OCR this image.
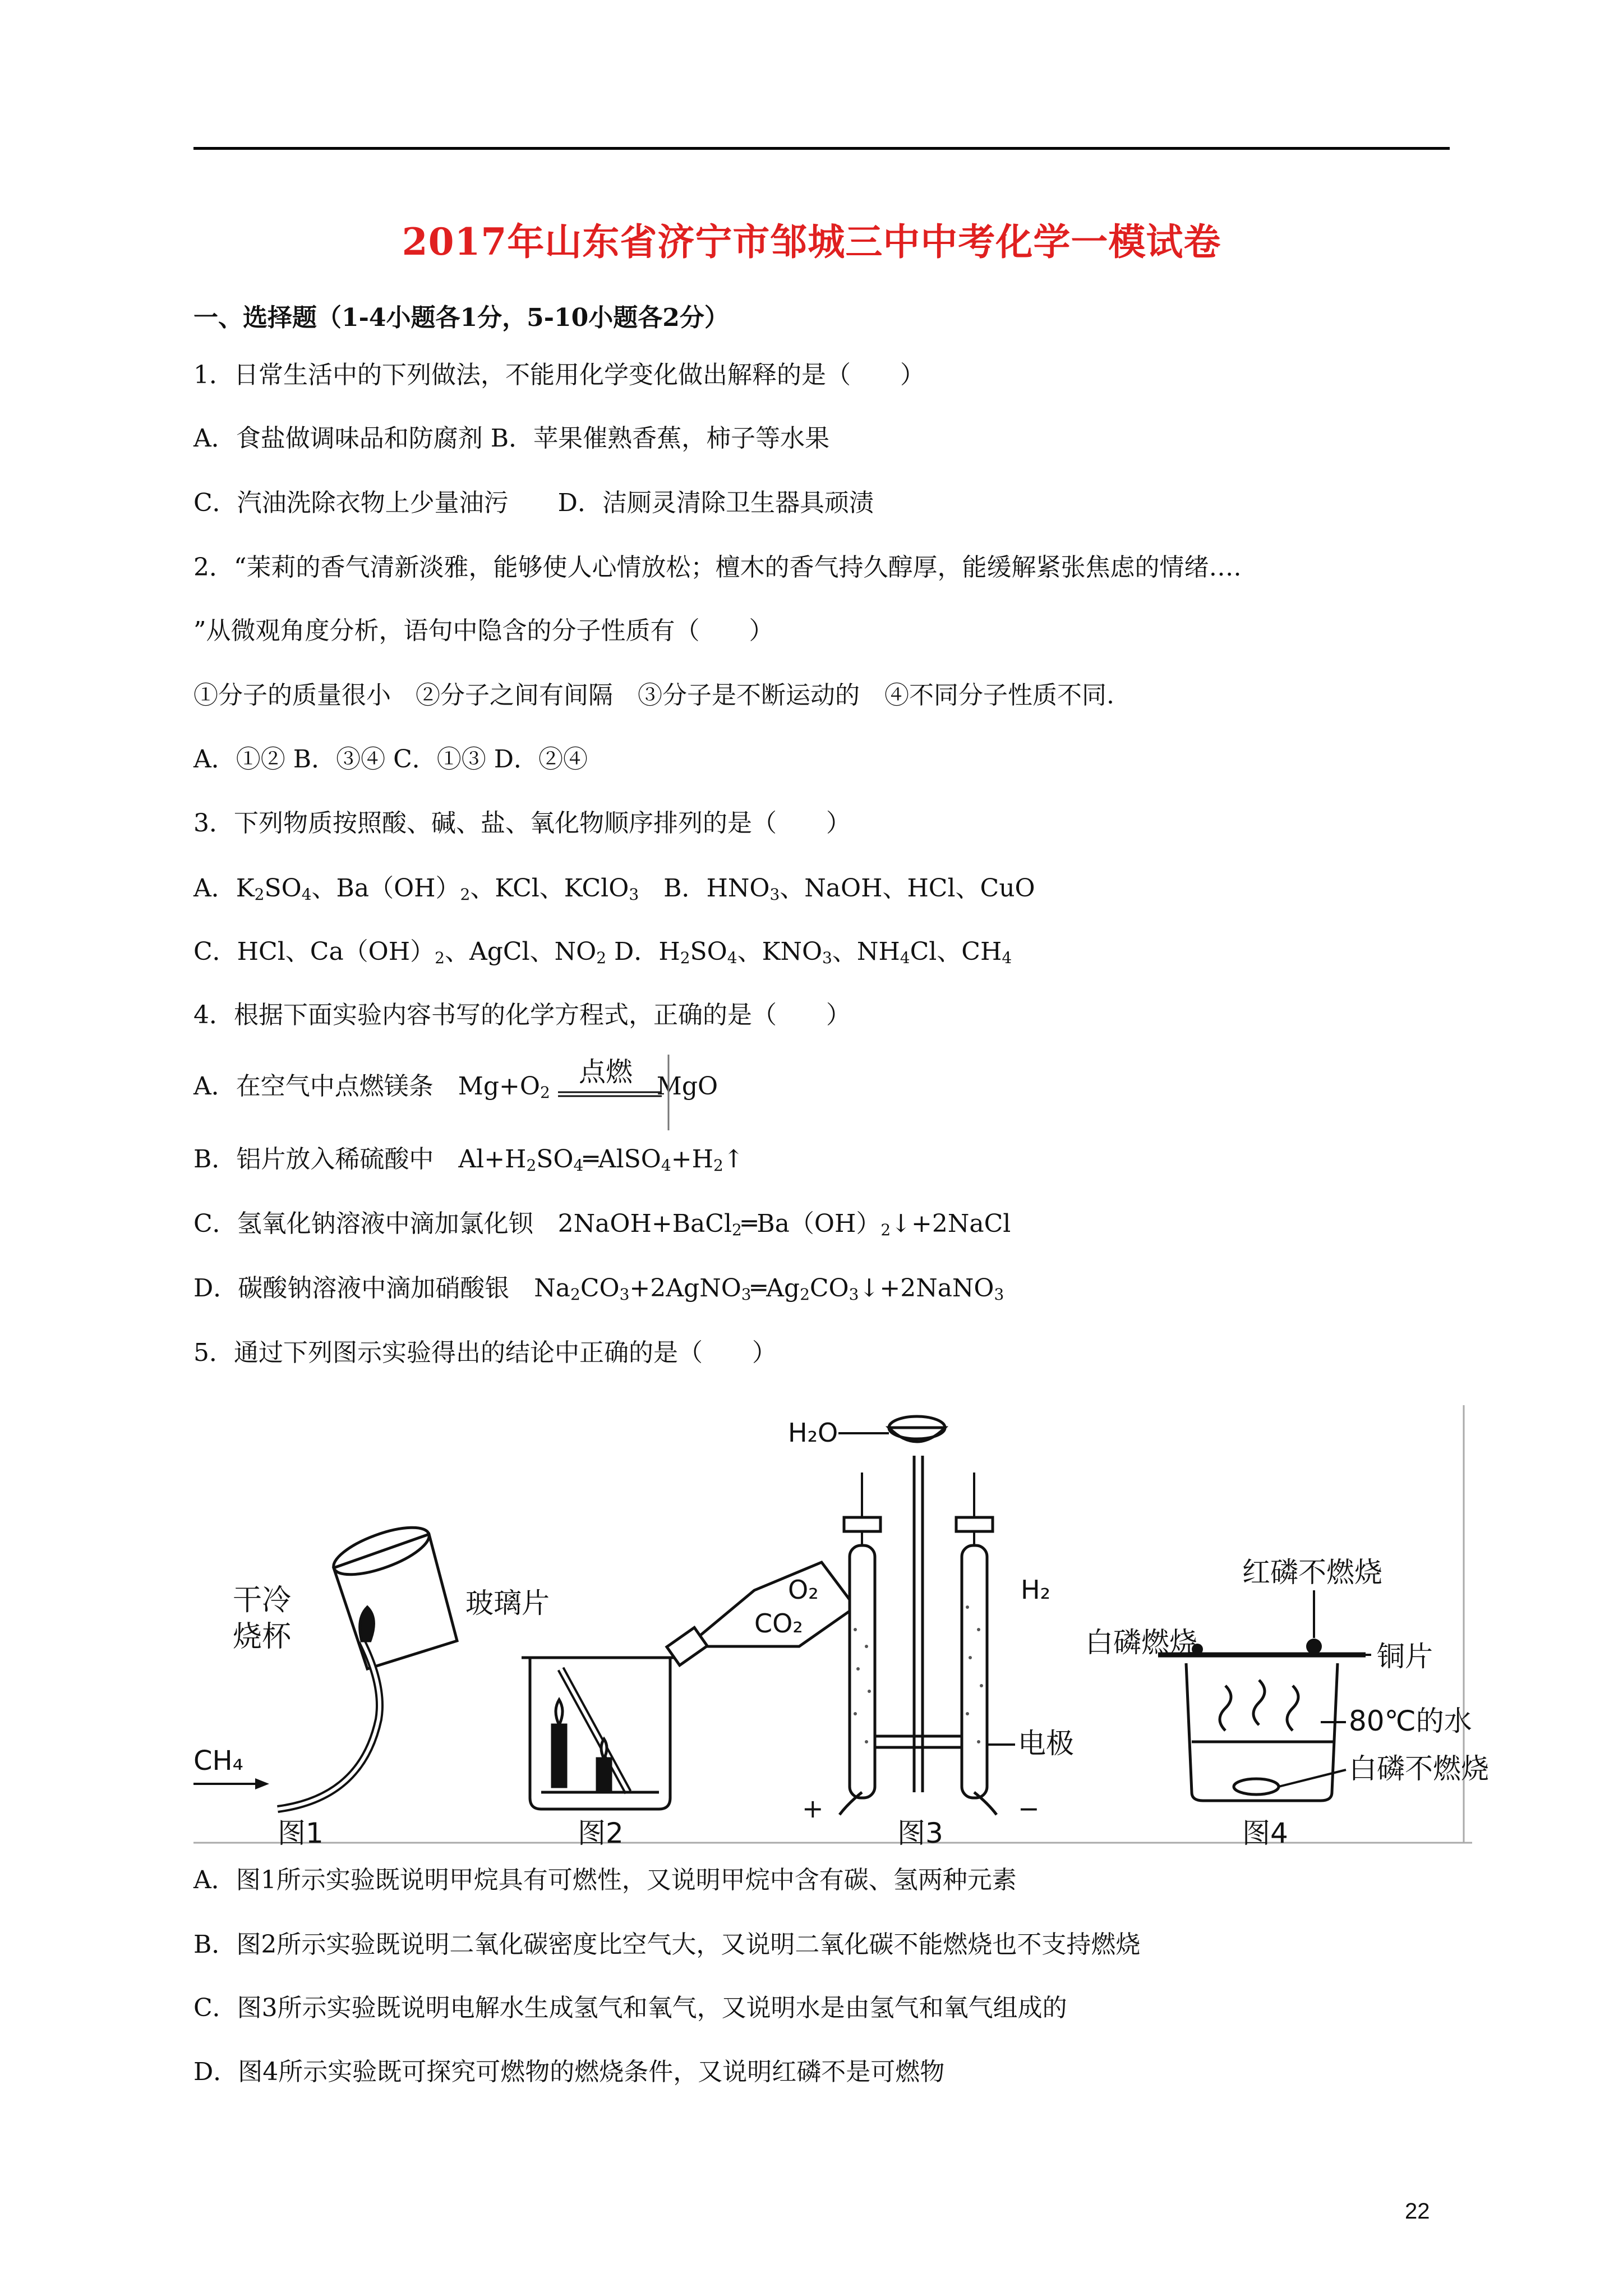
2017年山东省济宁市邹城三中中考化学一模试卷
一、选择题（1-4小题各1分，5-10小题各2分）
1．日常生活中的下列做法，不能用化学变化做出解释的是（　　）
A．食盐做调味品和防腐剂 B．苹果催熟香蕉，柿子等水果
C．汽油洗除衣物上少量油污　　D．洁厕灵清除卫生器具顽渍
2．“茉莉的香气清新淡雅，能够使人心情放松；檀木的香气持久醇厚，能缓解紧张焦虑的情绪….
”从微观角度分析，语句中隐含的分子性质有（　　）
①分子的质量很小　②分子之间有间隔　③分子是不断运动的　④不同分子性质不同.
A．①② B．③④ C．①③ D．②④
3．下列物质按照酸、碱、盐、氧化物顺序排列的是（　　）
A．$K_2SO_4$、$Ba(OH)_2$、KCl、KClO$_3$　 B．$HNO_3$、NaOH、HCl、CuO
C．HCl、$Ca(OH)_2$、AgCl、$NO_2$ D．$H_2SO_4$、$KNO_3$、$NH_4Cl$、$CH_4$
4．根据下面实验内容书写的化学方程式，正确的是（　　）
A．在空气中点燃镁条　$Mg+O_2$	MgO
点燃
B．铝片放入稀硫酸中　$Al+H_2SO_4═AlSO_4+H_2↑$
C．氢氧化钠溶液中滴加氯化钡　$2NaOH+BaCl_2═Ba(OH)_2↓+2NaCl$
D．碳酸钠溶液中滴加硝酸银　$Na_2CO_3+2AgNO_3═Ag_2CO_3↓+2NaNO_3$
5．通过下列图示实验得出的结论中正确的是（　　）
干冷
烧杯
CH₄
图1
玻璃片
CO₂
图2
H₂O
O₂	H₂
电极
+	−
图3
红磷不燃烧
白磷燃烧	铜片
80℃的水
白磷不燃烧
图4
A．图1所示实验既说明甲烷具有可燃性，又说明甲烷中含有碳、氢两种元素
B．图2所示实验既说明二氧化碳密度比空气大，又说明二氧化碳不能燃烧也不支持燃烧
C．图3所示实验既说明电解水生成氢气和氧气，又说明水是由氢气和氧气组成的
D．图4所示实验既可探究可燃物的燃烧条件，又说明红磷不是可燃物
22
